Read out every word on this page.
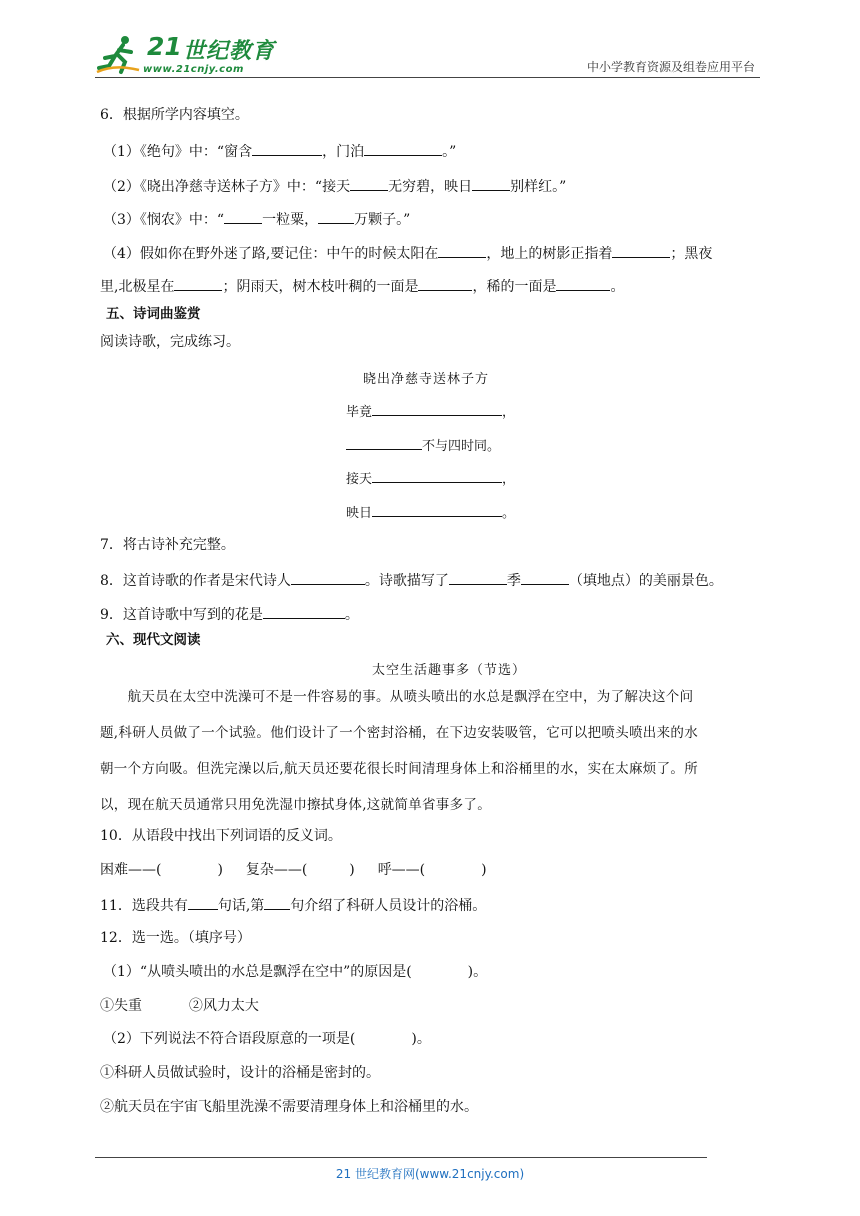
21 世纪教育
www.21cnjy.com	中小学教育资源及组卷应用平台
6．根据所学内容填空。
（1）《绝句》中：“窗含	，门泊	。”
（2）《晓出净慈寺送林子方》中：“接天	无穷碧，映日	别样红。”
（3）《悯农》中：“	一粒粟，	万颗子。”
（4）假如你在野外迷了路,要记住：中午的时候太阳在	，地上的树影正指着	；黑夜
里,北极星在	；阴雨天，树木枝叶稠的一面是	，稀的一面是	。
五、诗词曲鉴赏
阅读诗歌，完成练习。
晓出净慈寺送林子方
毕竟	，
不与四时同。
接天	，
映日	。
7．将古诗补充完整。
8．这首诗歌的作者是宋代诗人	。诗歌描写了	季	（填地点）的美丽景色。
9．这首诗歌中写到的花是	。
六、现代文阅读
太空生活趣事多（节选）
　　航天员在太空中洗澡可不是一件容易的事。从喷头喷出的水总是飘浮在空中，为了解决这个问
题,科研人员做了一个试验。他们设计了一个密封浴桶，在下边安装吸管，它可以把喷头喷出来的水
朝一个方向吸。但洗完澡以后,航天员还要花很长时间清理身体上和浴桶里的水，实在太麻烦了。所
以，现在航天员通常只用免洗湿巾擦拭身体,这就简单省事多了。
10．从语段中找出下列词语的反义词。
困难——(　　　　) 复杂——(　　　) 呼——(　　　　)
11．选段共有 句话,第 句介绍了科研人员设计的浴桶。
12．选一选。（填序号）
（1）“从喷头喷出的水总是飘浮在空中”的原因是(　　　　)。
①失重	②风力太大
（2）下列说法不符合语段原意的一项是(　　　　)。
①科研人员做试验时，设计的浴桶是密封的。
②航天员在宇宙飞船里洗澡不需要清理身体上和浴桶里的水。
21 世纪教育网(www.21cnjy.com)
